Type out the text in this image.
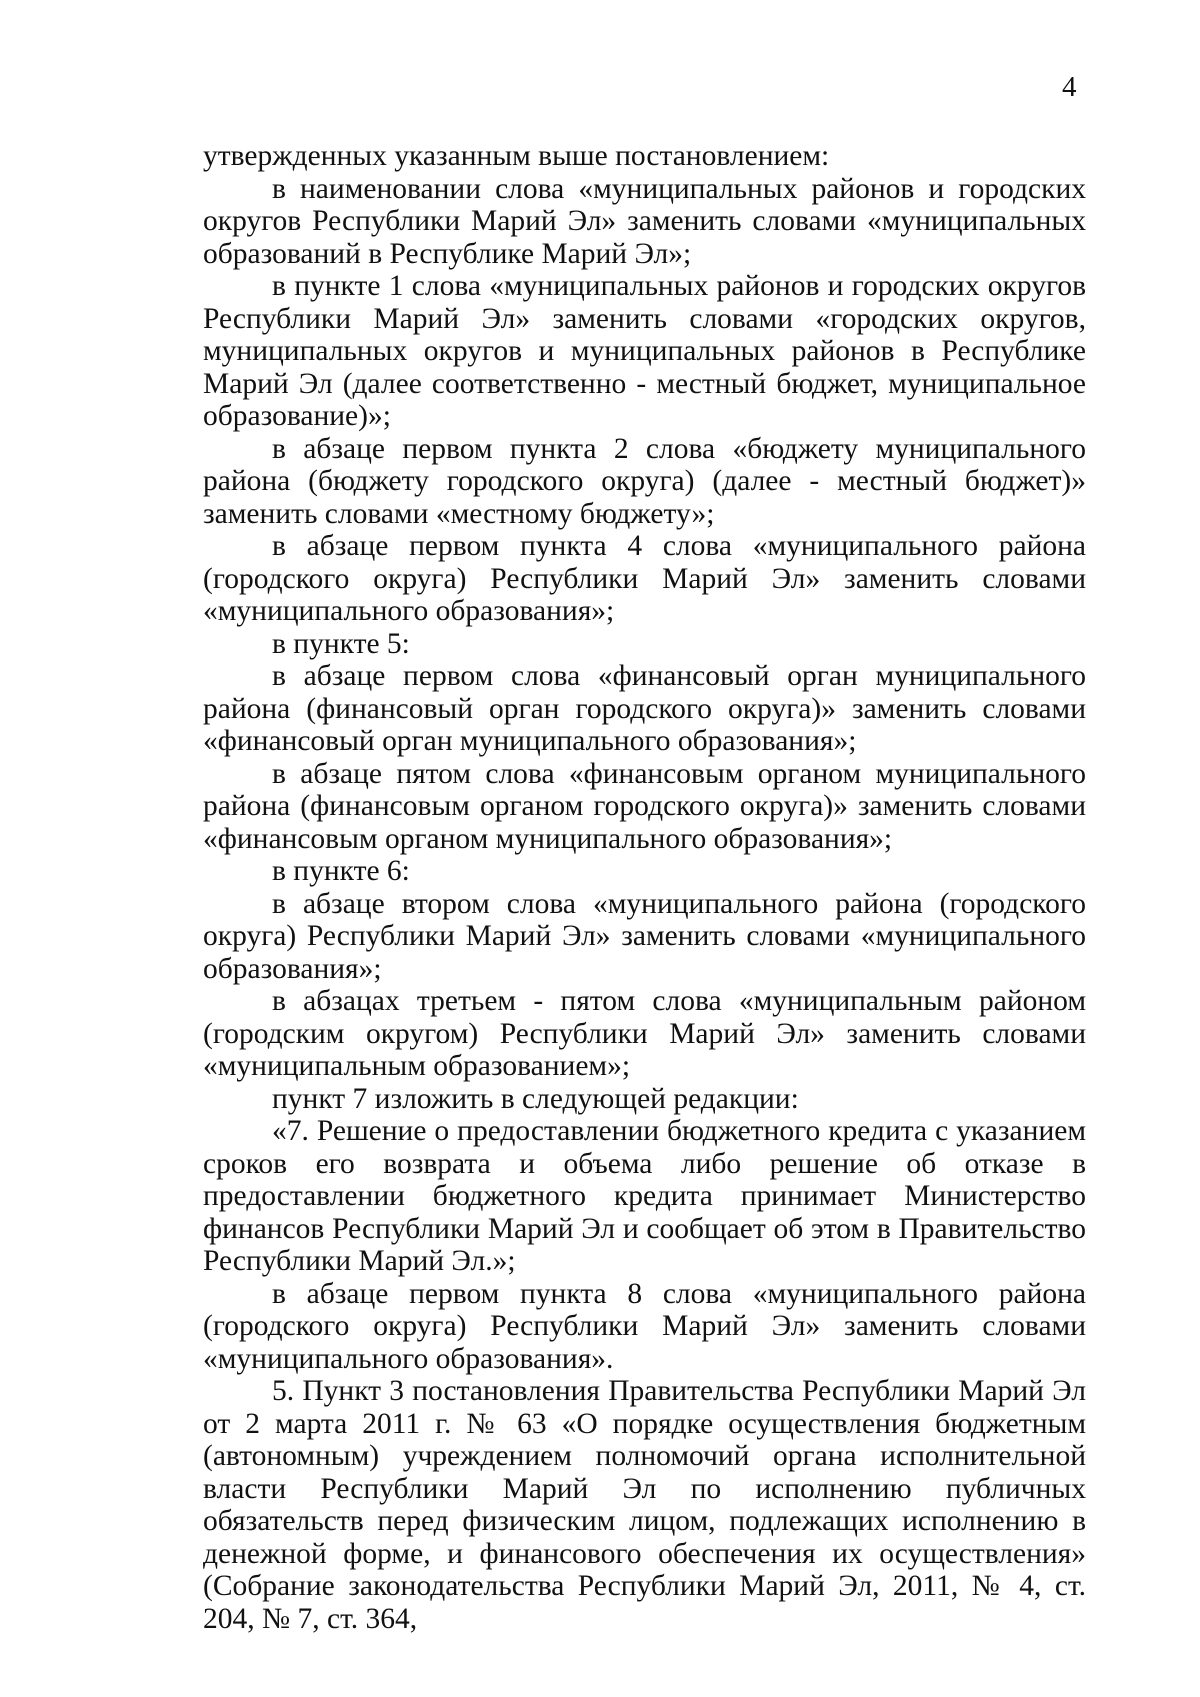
4

утвержденных указанным выше постановлением:

в наименовании слова «муниципальных районов и городских округов Республики Марий Эл» заменить словами «муниципальных образований в Республике Марий Эл»;

в пункте 1 слова «муниципальных районов и городских округов Республики Марий Эл» заменить словами «городских округов, муниципальных округов и муниципальных районов в Республике Марий Эл (далее соответственно - местный бюджет, муниципальное образование)»;

в абзаце первом пункта 2 слова «бюджету муниципального района (бюджету городского округа) (далее - местный бюджет)» заменить словами «местному бюджету»;

в абзаце первом пункта 4 слова «муниципального района (городского округа) Республики Марий Эл» заменить словами «муниципального образования»;

в пункте 5:

в абзаце первом слова «финансовый орган муниципального района (финансовый орган городского округа)» заменить словами «финансовый орган муниципального образования»;

в абзаце пятом слова «финансовым органом муниципального района (финансовым органом городского округа)» заменить словами «финансовым органом муниципального образования»;

в пункте 6:

в абзаце втором слова «муниципального района (городского округа) Республики Марий Эл» заменить словами «муниципального образования»;

в абзацах третьем - пятом слова «муниципальным районом (городским округом) Республики Марий Эл» заменить словами «муниципальным образованием»;

пункт 7 изложить в следующей редакции:

«7. Решение о предоставлении бюджетного кредита с указанием сроков его возврата и объема либо решение об отказе в предоставлении бюджетного кредита принимает Министерство финансов Республики Марий Эл и сообщает об этом в Правительство Республики Марий Эл.»;

в абзаце первом пункта 8 слова «муниципального района (городского округа) Республики Марий Эл» заменить словами «муниципального образования».

5. Пункт 3 постановления Правительства Республики Марий Эл от 2 марта 2011 г. № 63 «О порядке осуществления бюджетным (автономным) учреждением полномочий органа исполнительной власти Республики Марий Эл по исполнению публичных обязательств перед физическим лицом, подлежащих исполнению в денежной форме, и финансового обеспечения их осуществления» (Собрание законодательства Республики Марий Эл, 2011, № 4, ст. 204, № 7, ст. 364,
